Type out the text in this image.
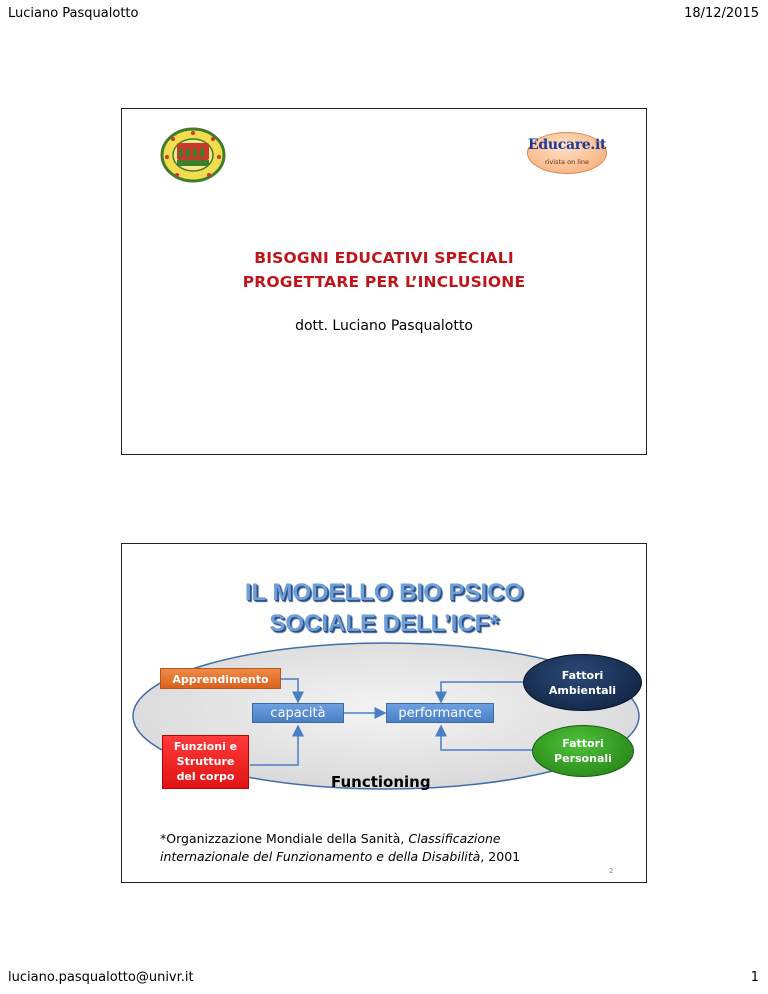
Luciano Pasqualotto	18/12/2015
Educare.it
rivista on line
BISOGNI EDUCATIVI SPECIALI
PROGETTARE PER L’INCLUSIONE
dott. Luciano Pasqualotto
IL MODELLO BIO PSICO
SOCIALE DELL’ICF*
Apprendimento
Funzioni e
Strutture
del corpo
capacità	performance
Fattori
Ambientali
Fattori
Personali
Functioning
*Organizzazione Mondiale della Sanità, Classificazione
internazionale del Funzionamento e della Disabilità, 2001
2
luciano.pasqualotto@univr.it	1
